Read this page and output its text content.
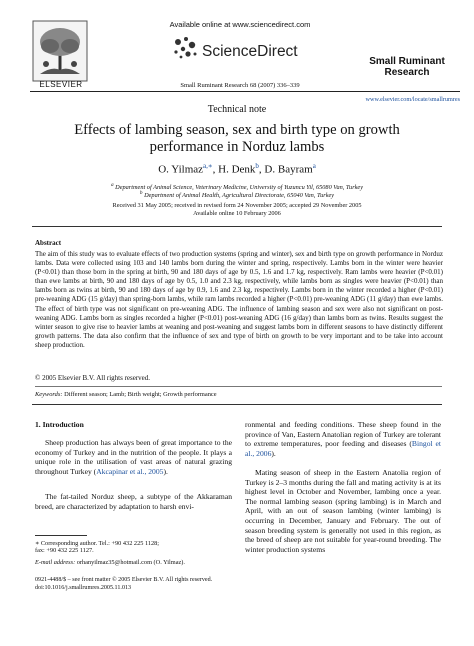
ELSEVIER
Available online at www.sciencedirect.com
ScienceDirect
Small Ruminant Research 68 (2007) 336–339
Small Ruminant
Research
www.elsevier.com/locate/smallrumres
Technical note
Effects of lambing season, sex and birth type on growth performance in Norduz lambs
O. Yilmaz$^{a,∗}$, H. Denk$^b$, D. Bayram$^a$
$^a$ Department of Animal Science, Veterinary Medicine, University of Yuzuncu Yil, 65080 Van, Turkey
$^b$ Department of Animal Health, Agricultural Directorate, 65040 Van, Turkey
Received 31 May 2005; received in revised form 24 November 2005; accepted 29 November 2005
Available online 10 February 2006
Abstract
The aim of this study was to evaluate effects of two production systems (spring and winter), sex and birth type on growth performance in Norduz lambs. Data were collected using 103 and 140 lambs born during the winter and spring, respectively. Lambs born in the winter were heavier (P<0.01) than those born in the spring at birth, 90 and 180 days of age by 0.5, 1.6 and 1.7 kg, respectively. Ram lambs were heavier (P<0.01) than ewe lambs at birth, 90 and 180 days of age by 0.5, 1.0 and 2.3 kg, respectively, while lambs born as singles were heavier (P<0.01) than lambs born as twins at birth, 90 and 180 days of age by 0.9, 1.6 and 2.3 kg, respectively. Lambs born in the winter recorded a higher (P<0.01) pre-weaning ADG (15 g/day) than spring-born lambs, while ram lambs recorded a higher (P<0.01) pre-weaning ADG (11 g/day) than ewe lambs. The effect of birth type was not significant on pre-weaning ADG. The influence of lambing season and sex were also not significant on post-weaning ADG. Lambs born as singles recorded a higher (P<0.01) post-weaning ADG (16 g/day) than lambs born as twins. Results suggest the winter season to give rise to heavier lambs at weaning and post-weaning and suggest lambs born in different seasons to have distinctly different growth patterns. The data also confirm that the influence of sex and type of birth on growth to be very important and to be take into account sheep production.
© 2005 Elsevier B.V. All rights reserved.
Keywords: Different season; Lamb; Birth weight; Growth performance
1. Introduction
Sheep production has always been of great importance to the economy of Turkey and in the nutrition of the people. It plays a unique role in the utilisation of vast areas of natural grazing throughout Turkey (Akcapinar et al., 2005).
The fat-tailed Norduz sheep, a subtype of the Akkaraman breed, are characterized by adaptation to harsh envi-
ronmental and feeding conditions. These sheep found in the province of Van, Eastern Anatolian region of Turkey are tolerant to extreme temperatures, poor feeding and diseases (Bingol et al., 2006).
Mating season of sheep in the Eastern Anatolia region of Turkey is 2–3 months during the fall and mating activity is at its highest level in October and November, lambing once a year. The normal lambing season (spring lambing) is in March and April, with an out of season lambing (winter lambing) is occurring in December, January and February. The out of season breeding system is generally not used in this region, as the breed of sheep are not suitable for year-round breeding. The winter production systems
∗ Corresponding author. Tel.: +90 432 225 1128;
fax: +90 432 225 1127.
E-mail address: orhanyilmaz35@hotmail.com (O. Yilmaz).
0921-4488/$ – see front matter © 2005 Elsevier B.V. All rights reserved.
doi:10.1016/j.smallrumres.2005.11.013
